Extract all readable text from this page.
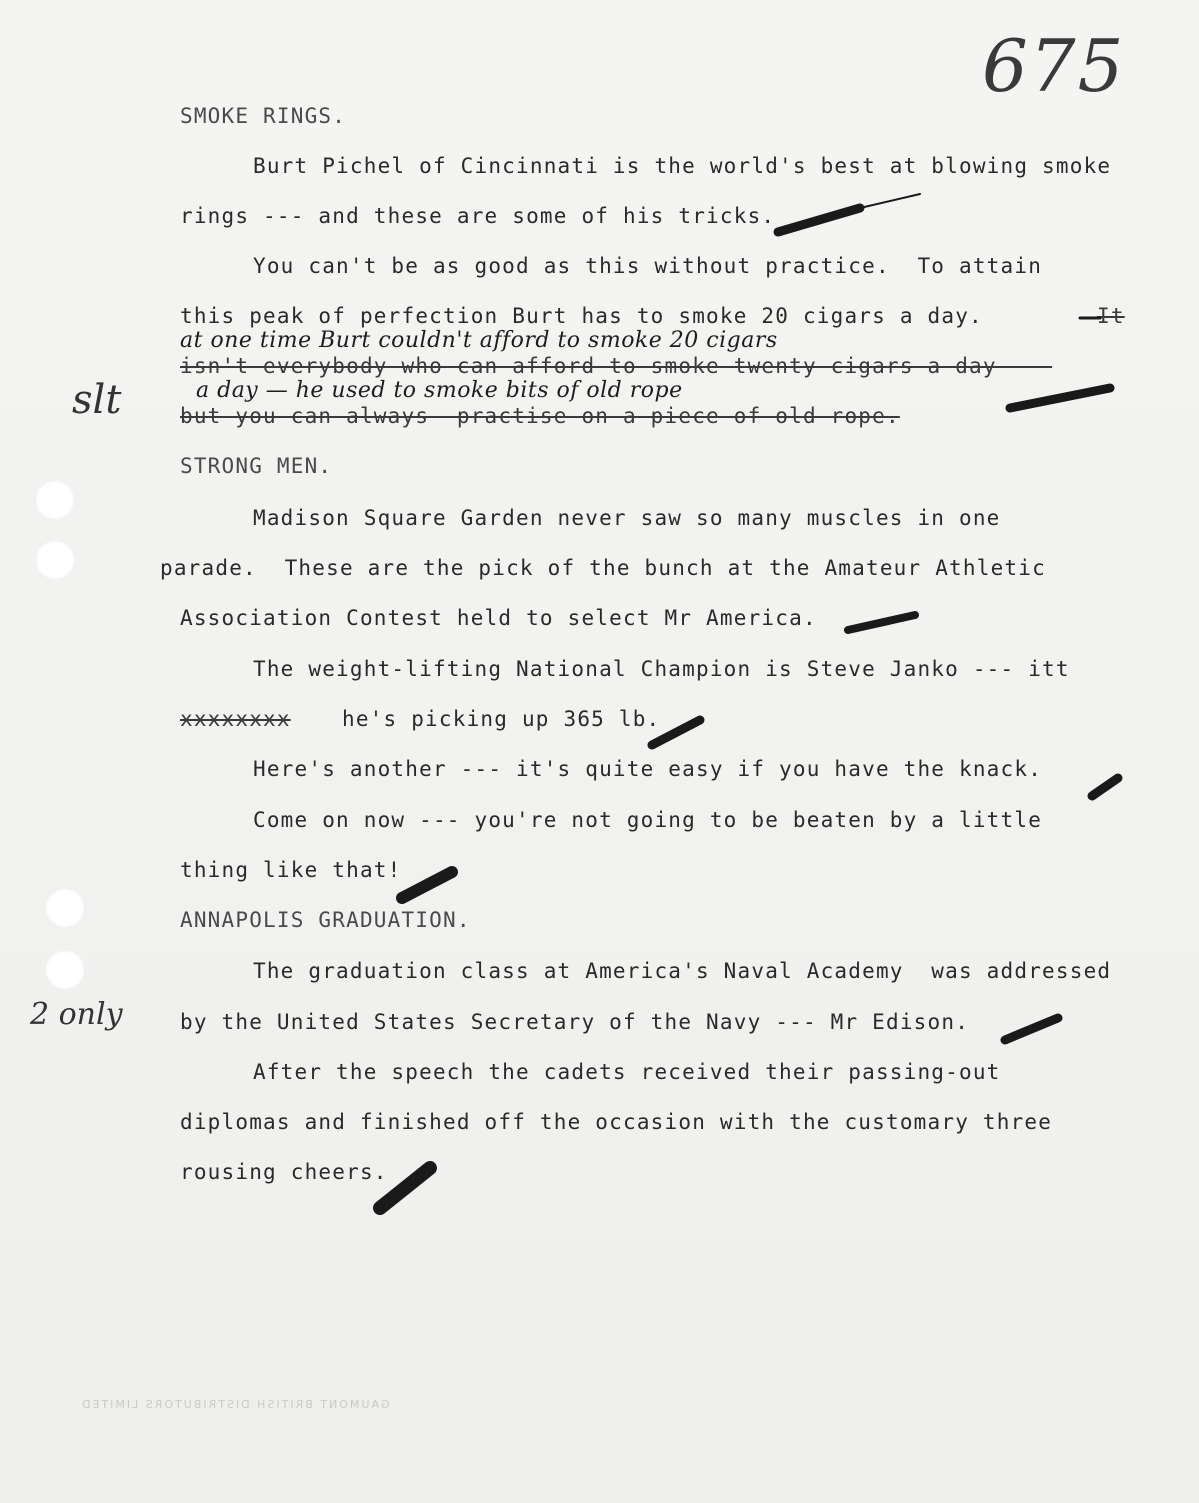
675
SMOKE RINGS.
Burt Pichel of Cincinnati is the world's best at blowing smoke
rings --- and these are some of his tricks.
You can't be as good as this without practice.  To attain
this peak of perfection Burt has to smoke 20 cigars a day.	It
at one time Burt couldn't afford to smoke 20 cigars
isn't everybody who can afford to smoke twenty cigars a day ---
a day — he used to smoke bits of old rope
but you can always  practise on a piece of old rope.
slt
STRONG MEN.
Madison Square Garden never saw so many muscles in one
parade.  These are the pick of the bunch at the Amateur Athletic
Association Contest held to select Mr America.
The weight-lifting National Champion is Steve Janko --- itt
xxxxxxxx he's picking up 365 lb.
Here's another --- it's quite easy if you have the knack.
Come on now --- you're not going to be beaten by a little
thing like that!
ANNAPOLIS GRADUATION.
The graduation class at America's Naval Academy  was addressed
by the United States Secretary of the Navy --- Mr Edison.
After the speech the cadets received their passing-out
diplomas and finished off the occasion with the customary three
rousing cheers.
2 only
GAUMONT BRITISH DISTRIBUTORS LIMITED
